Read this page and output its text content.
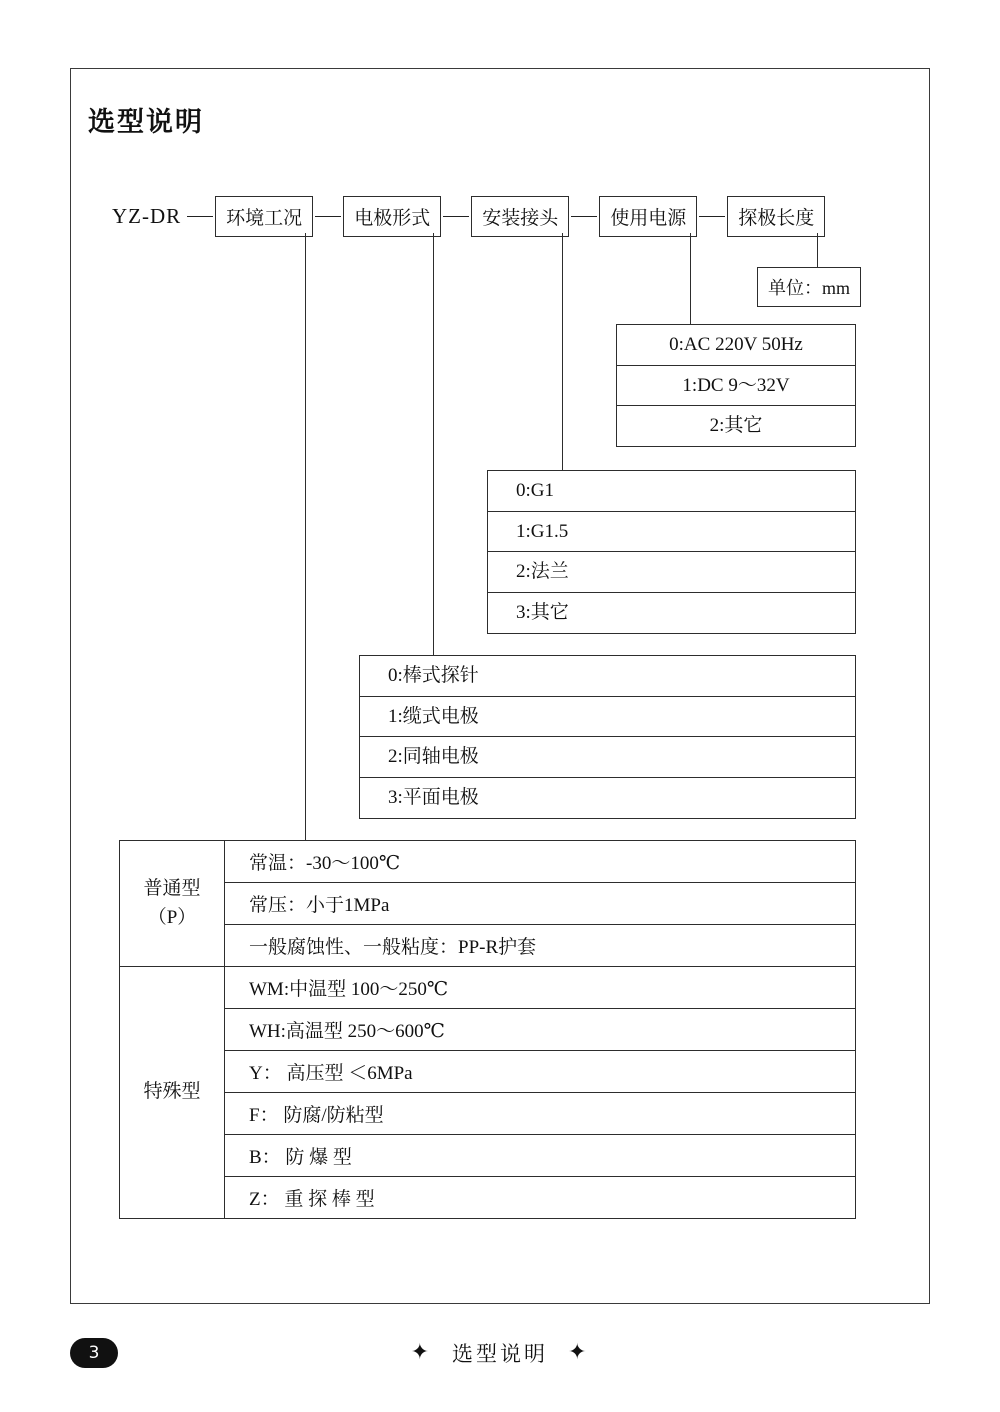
选型说明
YZ-DR	环境工况	电极形式	安装接头	使用电源	探极长度
单位：mm
0:AC 220V 50Hz
1:DC 9～32V
2:其它
0:G1
1:G1.5
2:法兰
3:其它
0:棒式探针
1:缆式电极
2:同轴电极
3:平面电极
普通型
（P）	常温：-30～100℃
	常压：小于1MPa
	一般腐蚀性、一般粘度：PP-R护套
特殊型	WM:中温型 100～250℃
	WH:高温型 250～600℃
	Y： 高压型 ＜6MPa
	F： 防腐/防粘型
	B： 防 爆 型
	Z： 重 探 棒 型
3	✦ 选型说明 ✦
